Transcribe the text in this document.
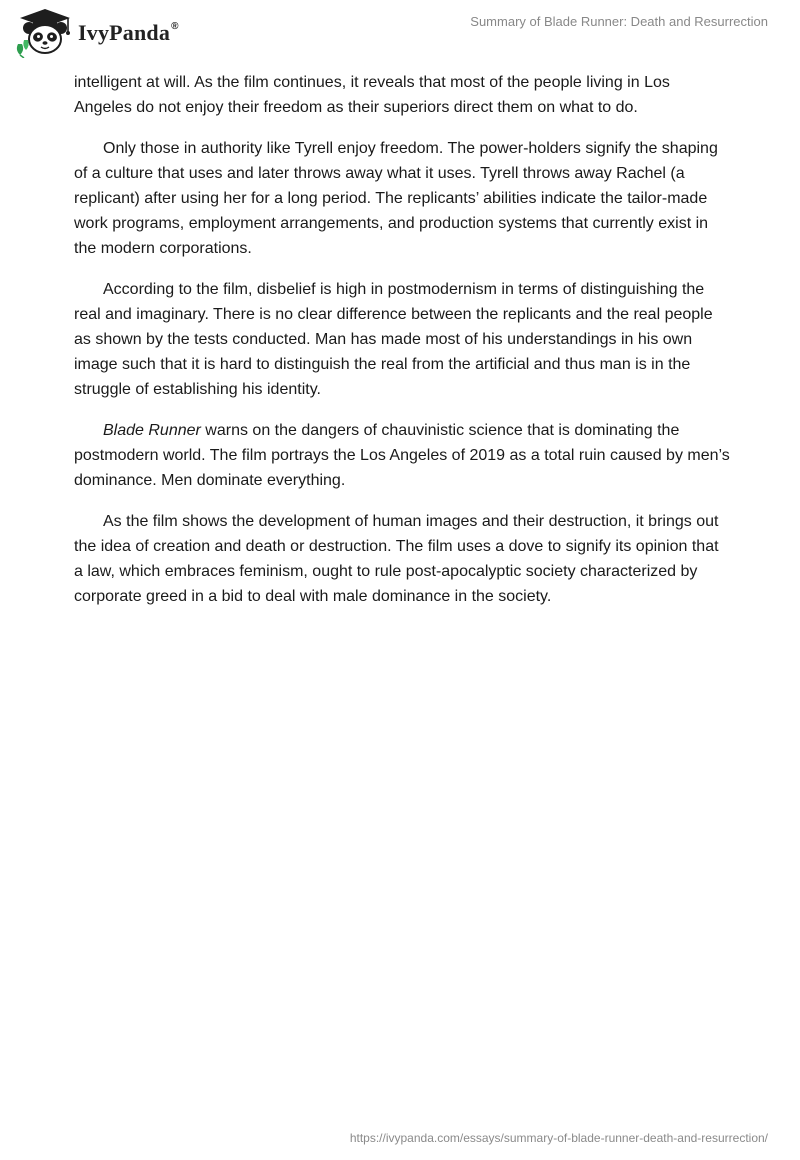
IvyPanda®	Summary of Blade Runner: Death and Resurrection

intelligent at will. As the film continues, it reveals that most of the people living in Los Angeles do not enjoy their freedom as their superiors direct them on what to do.

Only those in authority like Tyrell enjoy freedom. The power-holders signify the shaping of a culture that uses and later throws away what it uses. Tyrell throws away Rachel (a replicant) after using her for a long period. The replicants’ abilities indicate the tailor-made work programs, employment arrangements, and production systems that currently exist in the modern corporations.

According to the film, disbelief is high in postmodernism in terms of distinguishing the real and imaginary. There is no clear difference between the replicants and the real people as shown by the tests conducted. Man has made most of his understandings in his own image such that it is hard to distinguish the real from the artificial and thus man is in the struggle of establishing his identity.

Blade Runner warns on the dangers of chauvinistic science that is dominating the postmodern world. The film portrays the Los Angeles of 2019 as a total ruin caused by men’s dominance. Men dominate everything.

As the film shows the development of human images and their destruction, it brings out the idea of creation and death or destruction. The film uses a dove to signify its opinion that a law, which embraces feminism, ought to rule post-apocalyptic society characterized by corporate greed in a bid to deal with male dominance in the society.

https://ivypanda.com/essays/summary-of-blade-runner-death-and-resurrection/
